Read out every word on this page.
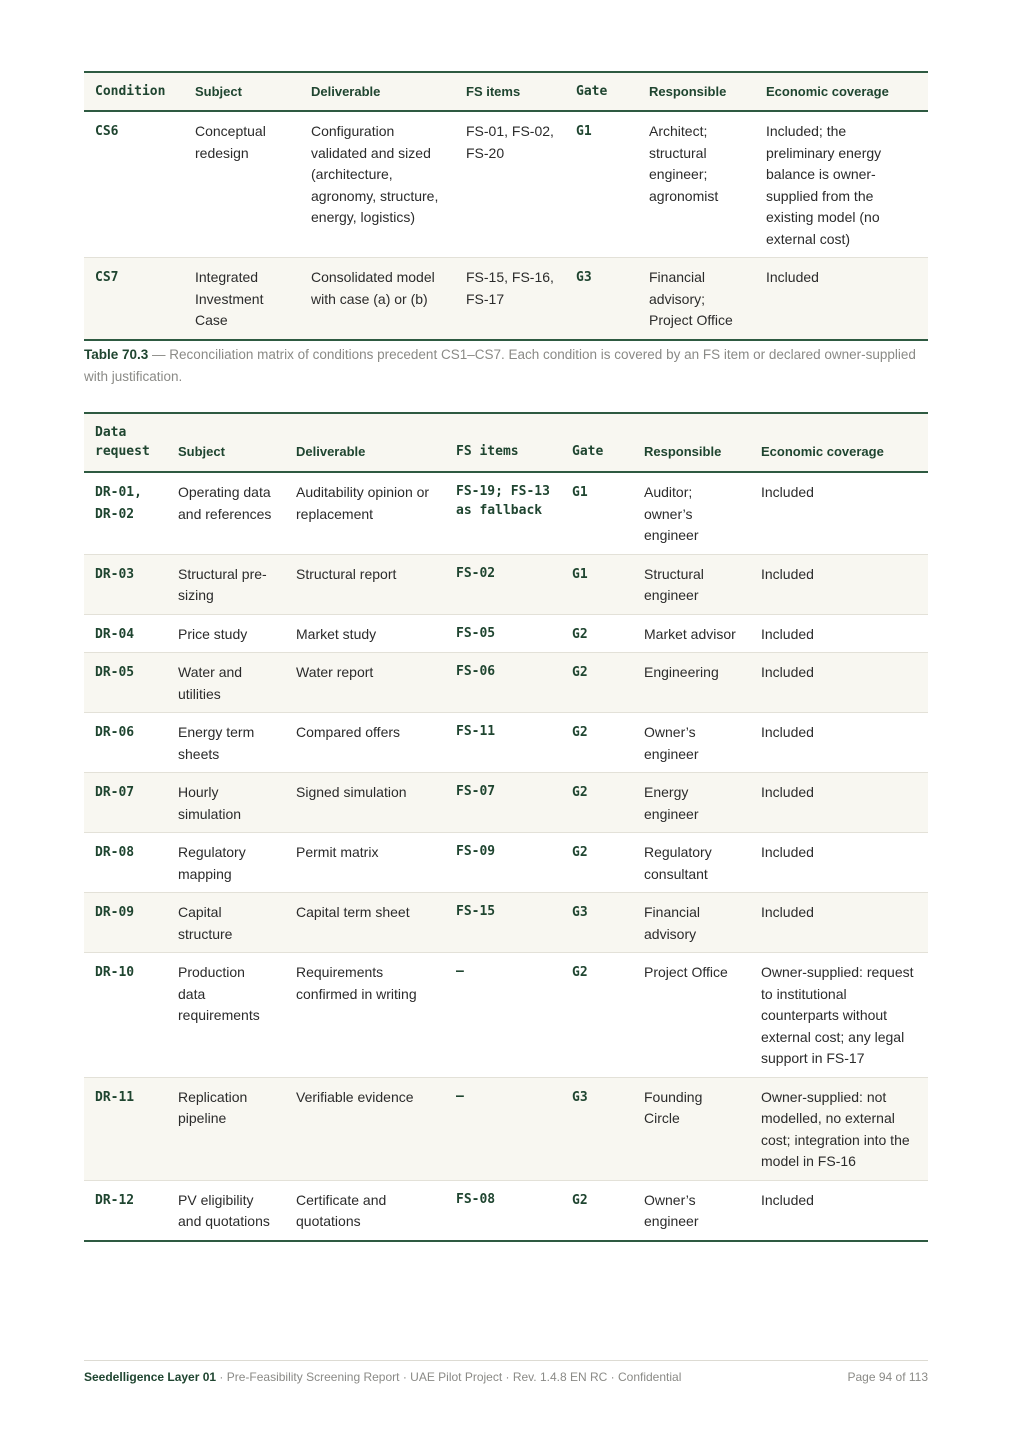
Condition	Subject	Deliverable	FS items	Gate	Responsible	Economic coverage
CS6	Conceptual redesign	Configuration validated and sized (architecture, agronomy, structure, energy, logistics)	FS-01, FS-02, FS-20	G1	Architect; structural engineer; agronomist	Included; the preliminary energy balance is owner-supplied from the existing model (no external cost)
CS7	Integrated Investment Case	Consolidated model with case (a) or (b)	FS-15, FS-16, FS-17	G3	Financial advisory; Project Office	Included
Table 70.3 — Reconciliation matrix of conditions precedent CS1–CS7. Each condition is covered by an FS item or declared owner-supplied with justification.
Data request	Subject	Deliverable	FS items	Gate	Responsible	Economic coverage
DR-01, DR-02	Operating data and references	Auditability opinion or replacement	FS-19; FS-13 as fallback	G1	Auditor; owner’s engineer	Included
DR-03	Structural pre-sizing	Structural report	FS-02	G1	Structural engineer	Included
DR-04	Price study	Market study	FS-05	G2	Market advisor	Included
DR-05	Water and utilities	Water report	FS-06	G2	Engineering	Included
DR-06	Energy term sheets	Compared offers	FS-11	G2	Owner’s engineer	Included
DR-07	Hourly simulation	Signed simulation	FS-07	G2	Energy engineer	Included
DR-08	Regulatory mapping	Permit matrix	FS-09	G2	Regulatory consultant	Included
DR-09	Capital structure	Capital term sheet	FS-15	G3	Financial advisory	Included
DR-10	Production data requirements	Requirements confirmed in writing	—	G2	Project Office	Owner-supplied: request to institutional counterparts without external cost; any legal support in FS-17
DR-11	Replication pipeline	Verifiable evidence	—	G3	Founding Circle	Owner-supplied: not modelled, no external cost; integration into the model in FS-16
DR-12	PV eligibility and quotations	Certificate and quotations	FS-08	G2	Owner’s engineer	Included
Seedelligence Layer 01 · Pre-Feasibility Screening Report · UAE Pilot Project · Rev. 1.4.8 EN RC · Confidential	Page 94 of 113
